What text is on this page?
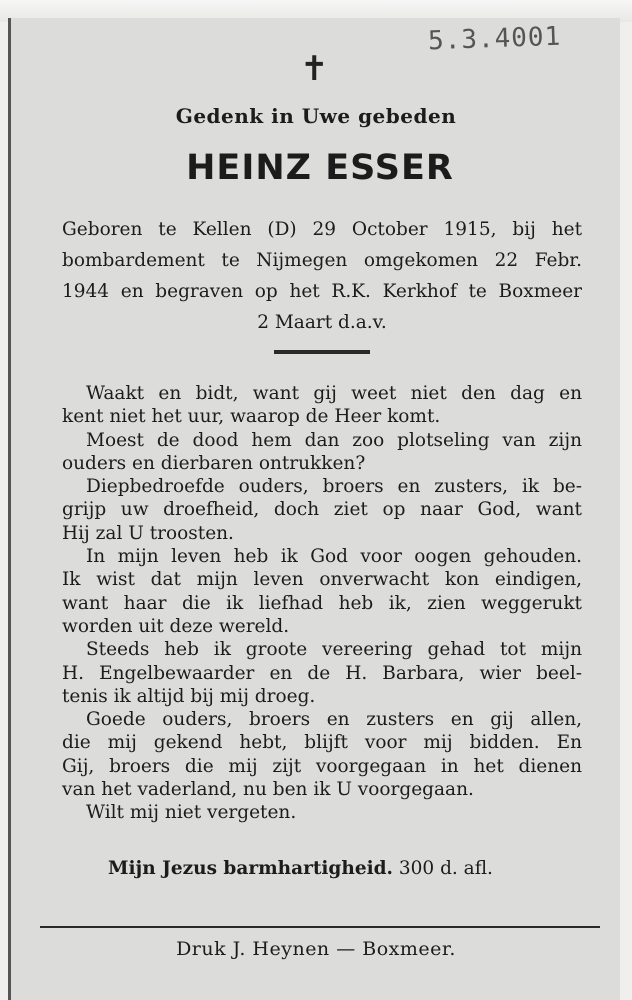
5.3.4001
✝
Gedenk in Uwe gebeden
HEINZ ESSER
Geboren te Kellen (D) 29 October 1915, bij het
bombardement te Nijmegen omgekomen 22 Febr.
1944 en begraven op het R.K. Kerkhof te Boxmeer
2 Maart d.a.v.
Waakt en bidt, want gij weet niet den dag en
kent niet het uur, waarop de Heer komt.
Moest de dood hem dan zoo plotseling van zijn
ouders en dierbaren ontrukken?
Diepbedroefde ouders, broers en zusters, ik be-
grijp uw droefheid, doch ziet op naar God, want
Hij zal U troosten.
In mijn leven heb ik God voor oogen gehouden.
Ik wist dat mijn leven onverwacht kon eindigen,
want haar die ik liefhad heb ik, zien weggerukt
worden uit deze wereld.
Steeds heb ik groote vereering gehad tot mijn
H. Engelbewaarder en de H. Barbara, wier beel-
tenis ik altijd bij mij droeg.
Goede ouders, broers en zusters en gij allen,
die mij gekend hebt, blijft voor mij bidden. En
Gij, broers die mij zijt voorgegaan in het dienen
van het vaderland, nu ben ik U voorgegaan.
Wilt mij niet vergeten.
Mijn Jezus barmhartigheid. 300 d. afl.
Druk J. Heynen — Boxmeer.
